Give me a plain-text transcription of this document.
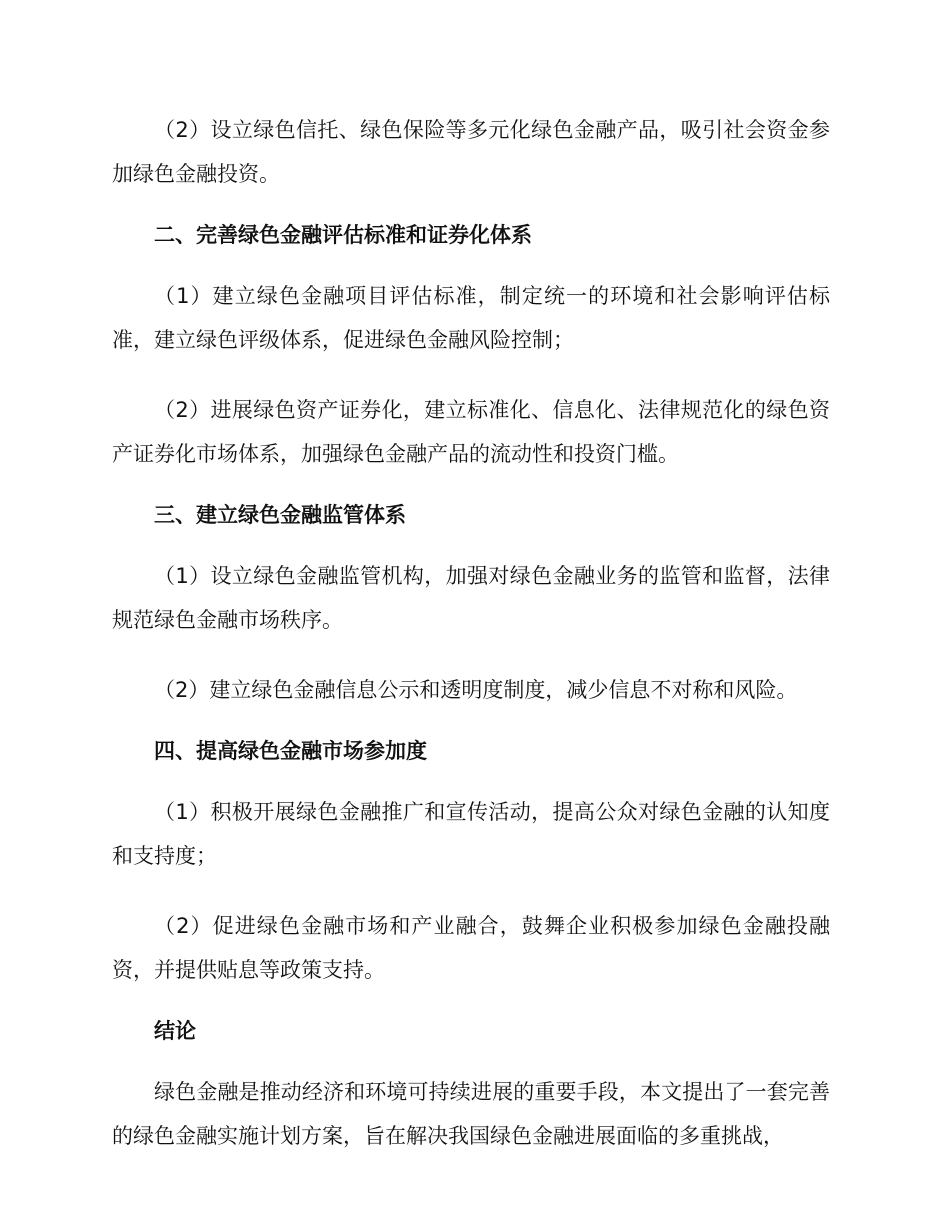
（2）设立绿色信托、绿色保险等多元化绿色金融产品，吸引社会资金参加绿色金融投资。

二、完善绿色金融评估标准和证券化体系

（1）建立绿色金融项目评估标准，制定统一的环境和社会影响评估标准，建立绿色评级体系，促进绿色金融风险控制；

（2）进展绿色资产证券化，建立标准化、信息化、法律规范化的绿色资产证券化市场体系，加强绿色金融产品的流动性和投资门槛。

三、建立绿色金融监管体系

（1）设立绿色金融监管机构，加强对绿色金融业务的监管和监督，法律规范绿色金融市场秩序。

（2）建立绿色金融信息公示和透明度制度，减少信息不对称和风险。

四、提高绿色金融市场参加度

（1）积极开展绿色金融推广和宣传活动，提高公众对绿色金融的认知度和支持度；

（2）促进绿色金融市场和产业融合，鼓舞企业积极参加绿色金融投融资，并提供贴息等政策支持。

结论

绿色金融是推动经济和环境可持续进展的重要手段，本文提出了一套完善的绿色金融实施计划方案，旨在解决我国绿色金融进展面临的多重挑战，
